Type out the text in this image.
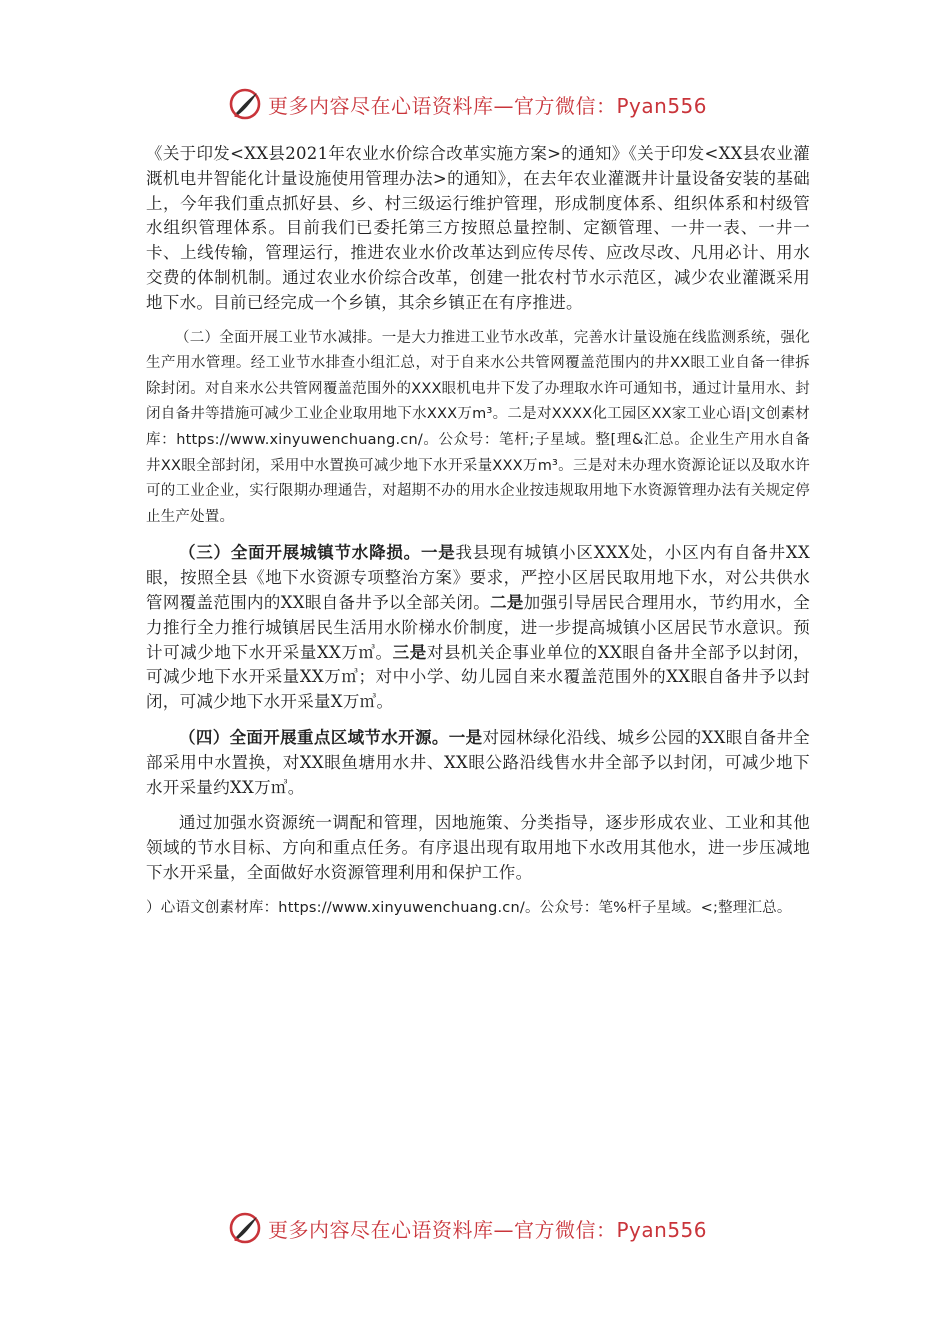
更多内容尽在心语资料库—官方微信：Pyan556

《关于印发<XX县2021年农业水价综合改革实施方案>的通知》《关于印发<XX县农业灌溉机电井智能化计量设施使用管理办法>的通知》，在去年农业灌溉井计量设备安装的基础上，今年我们重点抓好县、乡、村三级运行维护管理，形成制度体系、组织体系和村级管水组织管理体系。目前我们已委托第三方按照总量控制、定额管理、一井一表、一井一卡、上线传输，管理运行，推进农业水价改革达到应传尽传、应改尽改、凡用必计、用水交费的体制机制。通过农业水价综合改革，创建一批农村节水示范区，减少农业灌溉采用地下水。目前已经完成一个乡镇，其余乡镇正在有序推进。

（二）全面开展工业节水减排。一是大力推进工业节水改革，完善水计量设施在线监测系统，强化生产用水管理。经工业节水排查小组汇总，对于自来水公共管网覆盖范围内的井XX眼工业自备一律拆除封闭。对自来水公共管网覆盖范围外的XXX眼机电井下发了办理取水许可通知书，通过计量用水、封闭自备井等措施可减少工业企业取用地下水XXX万m³。二是对XXXX化工园区XX家工业心语|文创素材库：https://www.xinyuwenchuang.cn/。公众号：笔杆;子星域。整[理&汇总。企业生产用水自备井XX眼全部封闭，采用中水置换可减少地下水开采量XXX万m³。三是对未办理水资源论证以及取水许可的工业企业，实行限期办理通告，对超期不办的用水企业按违规取用地下水资源管理办法有关规定停止生产处置。

（三）全面开展城镇节水降损。一是我县现有城镇小区XXX处，小区内有自备井XX眼，按照全县《地下水资源专项整治方案》要求，严控小区居民取用地下水，对公共供水管网覆盖范围内的XX眼自备井予以全部关闭。二是加强引导居民合理用水，节约用水，全力推行全力推行城镇居民生活用水阶梯水价制度，进一步提高城镇小区居民节水意识。预计可减少地下水开采量XX万㎥。三是对县机关企事业单位的XX眼自备井全部予以封闭，可减少地下水开采量XX万㎥；对中小学、幼儿园自来水覆盖范围外的XX眼自备井予以封闭，可减少地下水开采量X万㎥。

（四）全面开展重点区域节水开源。一是对园林绿化沿线、城乡公园的XX眼自备井全部采用中水置换，对XX眼鱼塘用水井、XX眼公路沿线售水井全部予以封闭，可减少地下水开采量约XX万㎥。

通过加强水资源统一调配和管理，因地施策、分类指导，逐步形成农业、工业和其他领域的节水目标、方向和重点任务。有序退出现有取用地下水改用其他水，进一步压减地下水开采量，全面做好水资源管理利用和保护工作。

）心语文创素材库：https://www.xinyuwenchuang.cn/。公众号：笔%杆子星域。<;整理汇总。

更多内容尽在心语资料库—官方微信：Pyan556
